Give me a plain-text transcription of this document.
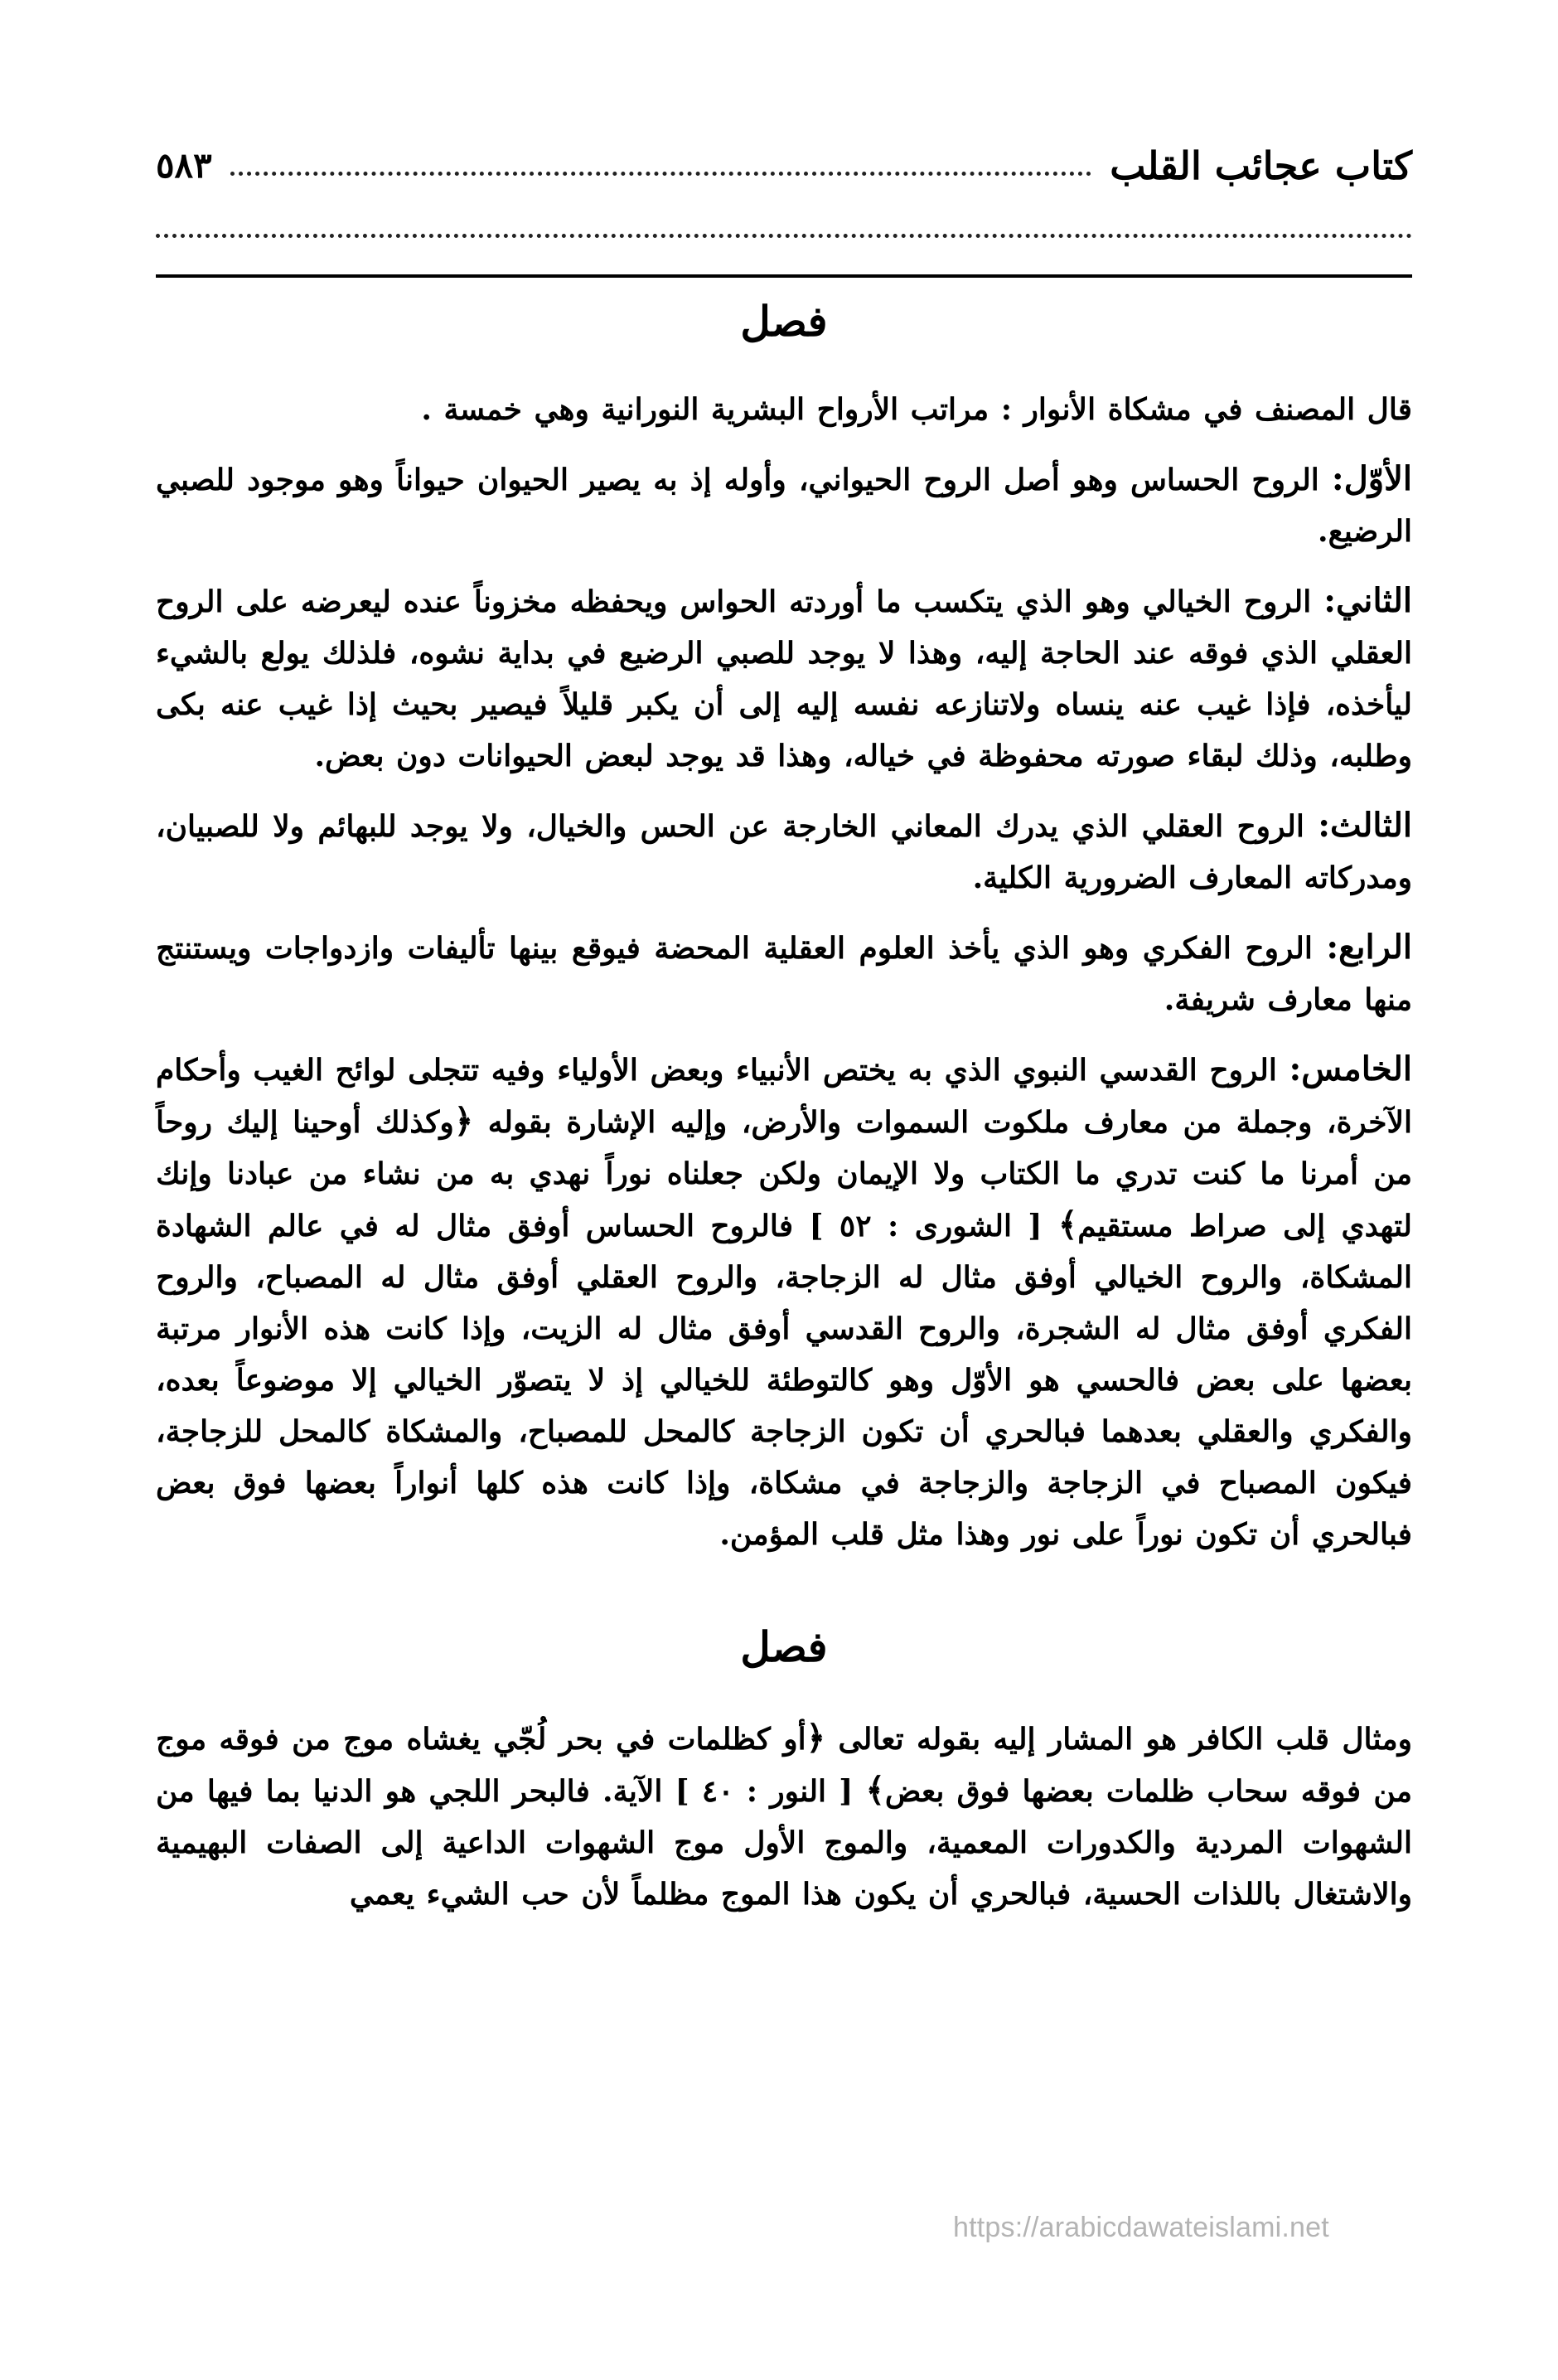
كتاب عجائب القلب
٥٨٣
فصل

قال المصنف في مشكاة الأنوار : مراتب الأرواح البشرية النورانية وهي خمسة .

الأوّل: الروح الحساس وهو أصل الروح الحيواني، وأوله إذ به يصير الحيوان حيواناً وهو موجود للصبي الرضيع.

الثاني: الروح الخيالي وهو الذي يتكسب ما أوردته الحواس ويحفظه مخزوناً عنده ليعرضه على الروح العقلي الذي فوقه عند الحاجة إليه، وهذا لا يوجد للصبي الرضيع في بداية نشوه، فلذلك يولع بالشيء ليأخذه، فإذا غيب عنه ينساه ولاتنازعه نفسه إليه إلى أن يكبر قليلاً فيصير بحيث إذا غيب عنه بكى وطلبه، وذلك لبقاء صورته محفوظة في خياله، وهذا قد يوجد لبعض الحيوانات دون بعض.

الثالث: الروح العقلي الذي يدرك المعاني الخارجة عن الحس والخيال، ولا يوجد للبهائم ولا للصبيان، ومدركاته المعارف الضرورية الكلية.

الرابع: الروح الفكري وهو الذي يأخذ العلوم العقلية المحضة فيوقع بينها تأليفات وازدواجات ويستنتج منها معارف شريفة.

الخامس: الروح القدسي النبوي الذي به يختص الأنبياء وبعض الأولياء وفيه تتجلى لوائح الغيب وأحكام الآخرة، وجملة من معارف ملكوت السموات والأرض، وإليه الإشارة بقوله ﴿وكذلك أوحينا إليك روحاً من أمرنا ما كنت تدري ما الكتاب ولا الإيمان ولكن جعلناه نوراً نهدي به من نشاء من عبادنا وإنك لتهدي إلى صراط مستقيم﴾ [ الشورى : ٥٢ ] فالروح الحساس أوفق مثال له في عالم الشهادة المشكاة، والروح الخيالي أوفق مثال له الزجاجة، والروح العقلي أوفق مثال له المصباح، والروح الفكري أوفق مثال له الشجرة، والروح القدسي أوفق مثال له الزيت، وإذا كانت هذه الأنوار مرتبة بعضها على بعض فالحسي هو الأوّل وهو كالتوطئة للخيالي إذ لا يتصوّر الخيالي إلا موضوعاً بعده، والفكري والعقلي بعدهما فبالحري أن تكون الزجاجة كالمحل للمصباح، والمشكاة كالمحل للزجاجة، فيكون المصباح في الزجاجة والزجاجة في مشكاة، وإذا كانت هذه كلها أنواراً بعضها فوق بعض فبالحري أن تكون نوراً على نور وهذا مثل قلب المؤمن.

فصل

ومثال قلب الكافر هو المشار إليه بقوله تعالى ﴿أو كظلمات في بحر لُجّي يغشاه موج من فوقه موج من فوقه سحاب ظلمات بعضها فوق بعض﴾ [ النور : ٤٠ ] الآية. فالبحر اللجي هو الدنيا بما فيها من الشهوات المردية والكدورات المعمية، والموج الأول موج الشهوات الداعية إلى الصفات البهيمية والاشتغال باللذات الحسية، فبالحري أن يكون هذا الموج مظلماً لأن حب الشيء يعمي

https://arabicdawateislami.net
